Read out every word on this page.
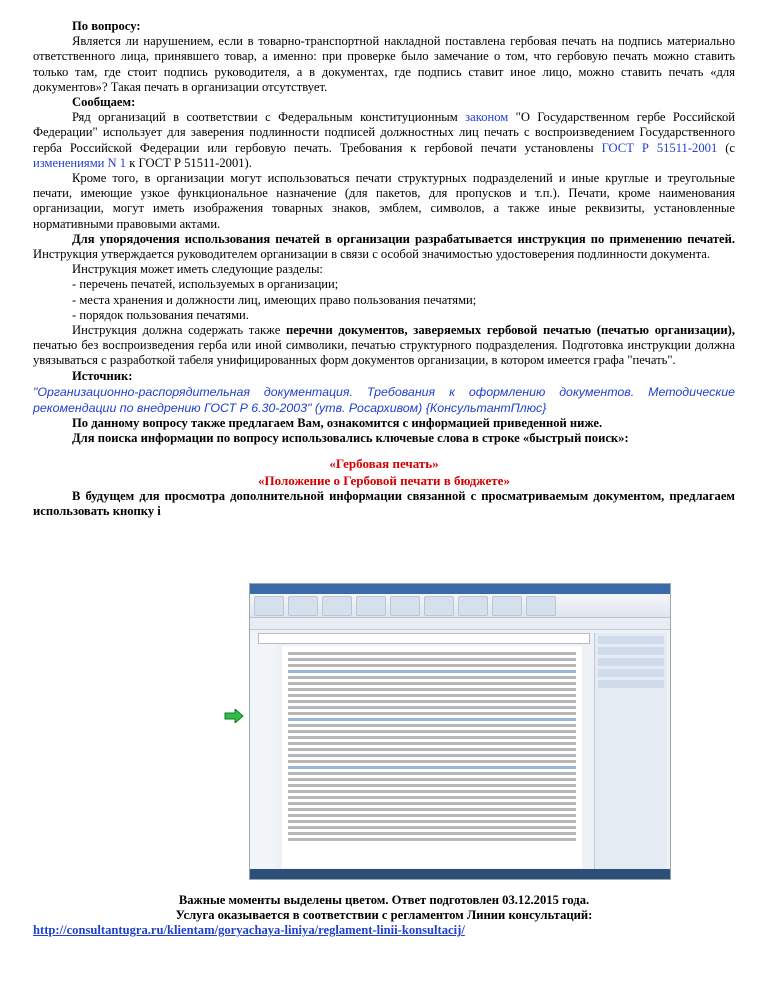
По вопросу:

Является ли нарушением, если в товарно-транспортной накладной поставлена гербовая печать на подпись материально ответственного лица, принявшего товар, а именно: при проверке было замечание о том, что гербовую печать можно ставить только там, где стоит подпись руководителя, а в документах, где подпись ставит иное лицо, можно ставить печать «для документов»? Такая печать в организации отсутствует.

Сообщаем:

Ряд организаций в соответствии с Федеральным конституционным законом "О Государственном гербе Российской Федерации" использует для заверения подлинности подписей должностных лиц печать с воспроизведением Государственного герба Российской Федерации или гербовую печать. Требования к гербовой печати установлены ГОСТ Р 51511-2001 (с изменениями N 1 к ГОСТ Р 51511-2001).

Кроме того, в организации могут использоваться печати структурных подразделений и иные круглые и треугольные печати, имеющие узкое функциональное назначение (для пакетов, для пропусков и т.п.). Печати, кроме наименования организации, могут иметь изображения товарных знаков, эмблем, символов, а также иные реквизиты, установленные нормативными правовыми актами.

Для упорядочения использования печатей в организации разрабатывается инструкция по применению печатей. Инструкция утверждается руководителем организации в связи с особой значимостью удостоверения подлинности документа.

Инструкция может иметь следующие разделы:

- перечень печатей, используемых в организации;

- места хранения и должности лиц, имеющих право пользования печатями;

- порядок пользования печатями.

Инструкция должна содержать также перечни документов, заверяемых гербовой печатью (печатью организации), печатью без воспроизведения герба или иной символики, печатью структурного подразделения. Подготовка инструкции должна увязываться с разработкой табеля унифицированных форм документов организации, в котором имеется графа "печать".

Источник:

"Организационно-распорядительная документация. Требования к оформлению документов. Методические рекомендации по внедрению ГОСТ Р 6.30-2003" (утв. Росархивом) {КонсультантПлюс}

По данному вопросу также предлагаем Вам, ознакомится с информацией приведенной ниже.

Для поиска информации по вопросу использовались ключевые слова в строке «быстрый поиск»:

«Гербовая печать»

«Положение о Гербовой печати в бюджете»

В будущем для просмотра дополнительной информации связанной с просматриваемым документом, предлагаем использовать кнопку i

Важные моменты выделены цветом. Ответ подготовлен 03.12.2015 года.

Услуга оказывается в соответствии с регламентом Линии консультаций:

http://consultantugra.ru/klientam/goryachaya-liniya/reglament-linii-konsultacij/
